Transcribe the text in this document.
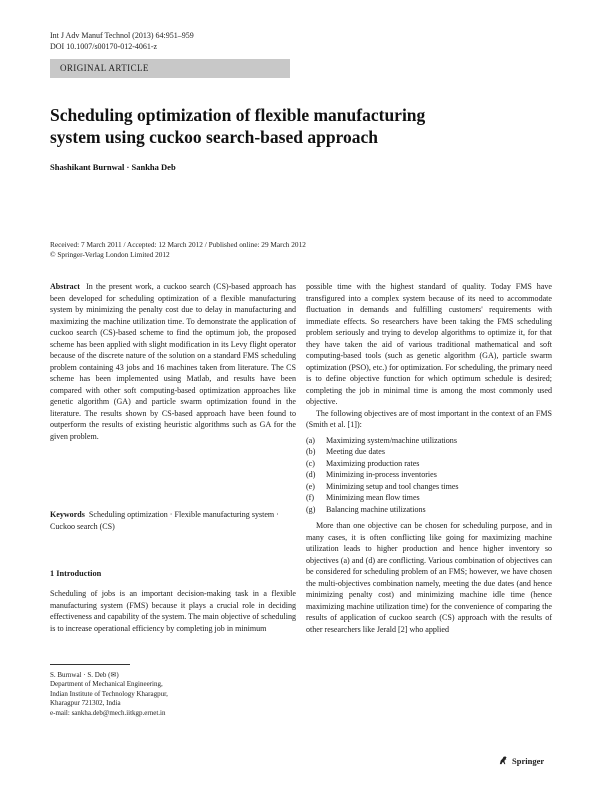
Int J Adv Manuf Technol (2013) 64:951–959
DOI 10.1007/s00170-012-4061-z
ORIGINAL ARTICLE
Scheduling optimization of flexible manufacturing
system using cuckoo search-based approach
Shashikant Burnwal · Sankha Deb
Received: 7 March 2011 / Accepted: 12 March 2012 / Published online: 29 March 2012
© Springer-Verlag London Limited 2012

Abstract In the present work, a cuckoo search (CS)-based approach has been developed for scheduling optimization of a flexible manufacturing system by minimizing the penalty cost due to delay in manufacturing and maximizing the machine utilization time. To demonstrate the application of cuckoo search (CS)-based scheme to find the optimum job, the proposed scheme has been applied with slight modification in its Levy flight operator because of the discrete nature of the solution on a standard FMS scheduling problem containing 43 jobs and 16 machines taken from literature. The CS scheme has been implemented using Matlab, and results have been compared with other soft computing-based optimization approaches like genetic algorithm (GA) and particle swarm optimization found in the literature. The results shown by CS-based approach have been found to outperform the results of existing heuristic algorithms such as GA for the given problem.

Keywords Scheduling optimization · Flexible manufacturing system · Cuckoo search (CS)
1 Introduction
Scheduling of jobs is an important decision-making task in a flexible manufacturing system (FMS) because it plays a crucial role in deciding effectiveness and capability of the system. The main objective of scheduling is to increase operational efficiency by completing job in minimum
S. Burnwal · S. Deb (✉)
Department of Mechanical Engineering,
Indian Institute of Technology Kharagpur,
Kharagpur 721302, India
e-mail: sankha.deb@mech.iitkgp.ernet.in

possible time with the highest standard of quality. Today FMS have transfigured into a complex system because of its need to accommodate fluctuation in demands and fulfilling customers' requirements with immediate effects. So researchers have been taking the FMS scheduling problem seriously and trying to develop algorithms to optimize it, for that they have taken the aid of various traditional mathematical and soft computing-based tools (such as genetic algorithm (GA), particle swarm optimization (PSO), etc.) for optimization. For scheduling, the primary need is to define objective function for which optimum schedule is desired; completing the job in minimal time is among the most commonly used objective.

The following objectives are of most important in the context of an FMS (Smith et al. [1]):

(a)	Maximizing system/machine utilizations
(b)	Meeting due dates
(c)	Maximizing production rates
(d)	Minimizing in-process inventories
(e)	Minimizing setup and tool changes times
(f)	Minimizing mean flow times
(g)	Balancing machine utilizations

More than one objective can be chosen for scheduling purpose, and in many cases, it is often conflicting like going for maximizing machine utilization leads to higher production and hence higher inventory so objectives (a) and (d) are conflicting. Various combination of objectives can be considered for scheduling problem of an FMS; however, we have chosen the multi-objectives combination namely, meeting the due dates (and hence minimizing penalty cost) and minimizing machine idle time (hence maximizing machine utilization time) for the convenience of comparing the results of application of cuckoo search (CS) approach with the results of other researchers like Jerald [2] who applied

Springer
